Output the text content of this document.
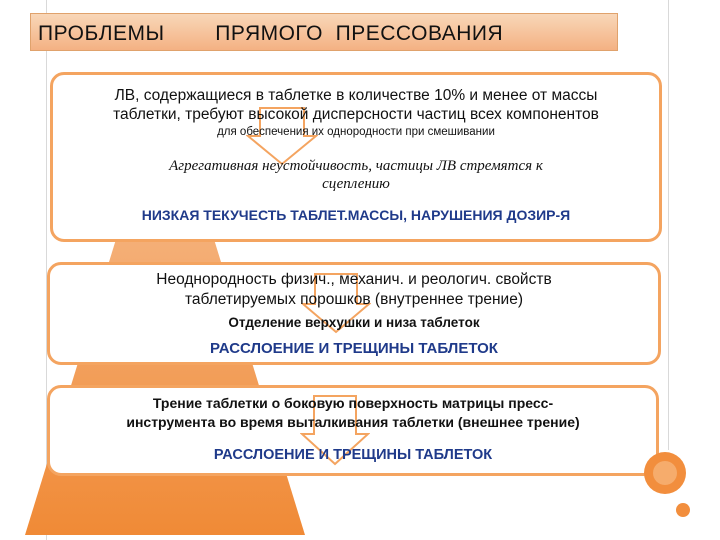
ПРОБЛЕМЫ        ПРЯМОГО  ПРЕССОВАНИЯ
ЛВ, содержащиеся в таблетке в количестве 10% и менее от массы
таблетки, требуют высокой дисперсности частиц всех компонентов
для обеспечения их однородности при смешивании
Агрегативная неустойчивость, частицы ЛВ стремятся к
сцеплению
НИЗКАЯ ТЕКУЧЕСТЬ ТАБЛЕТ.МАССЫ, НАРУШЕНИЯ ДОЗИР-Я
Неоднородность физич., механич. и реологич. свойств
таблетируемых порошков (внутреннее трение)
Отделение верхушки и низа таблеток
РАССЛОЕНИЕ И ТРЕЩИНЫ ТАБЛЕТОК
Трение таблетки о боковую поверхность матрицы пресс-
инструмента во время выталкивания таблетки (внешнее трение)
РАССЛОЕНИЕ И ТРЕЩИНЫ ТАБЛЕТОК
